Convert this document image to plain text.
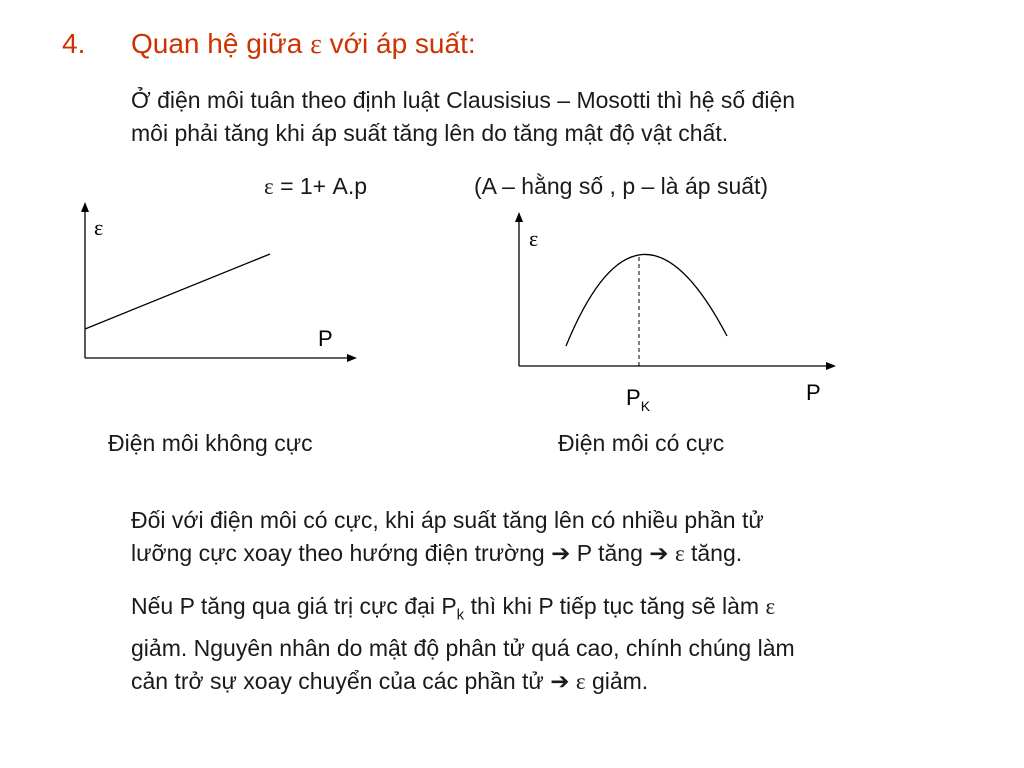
4. Quan hệ giữa ε với áp suất:
Ở điện môi tuân theo định luật Clausisius – Mosotti thì hệ số điện
môi phải tăng khi áp suất tăng lên do tăng mật độ vật chất.
ε = 1+ A.p	(A – hằng số , p – là áp suất)
ε
P
Điện môi không cực
ε
P
$P_K$
Điện môi có cực
Đối với điện môi có cực, khi áp suất tăng lên có nhiều phần tử
lưỡng cực xoay theo hướng điện trường ➔ P tăng ➔ ε tăng.
Nếu P tăng qua giá trị cực đại $P_k$ thì khi P tiếp tục tăng sẽ làm ε
giảm. Nguyên nhân do mật độ phân tử quá cao, chính chúng làm
cản trở sự xoay chuyển của các phần tử ➔ ε giảm.
